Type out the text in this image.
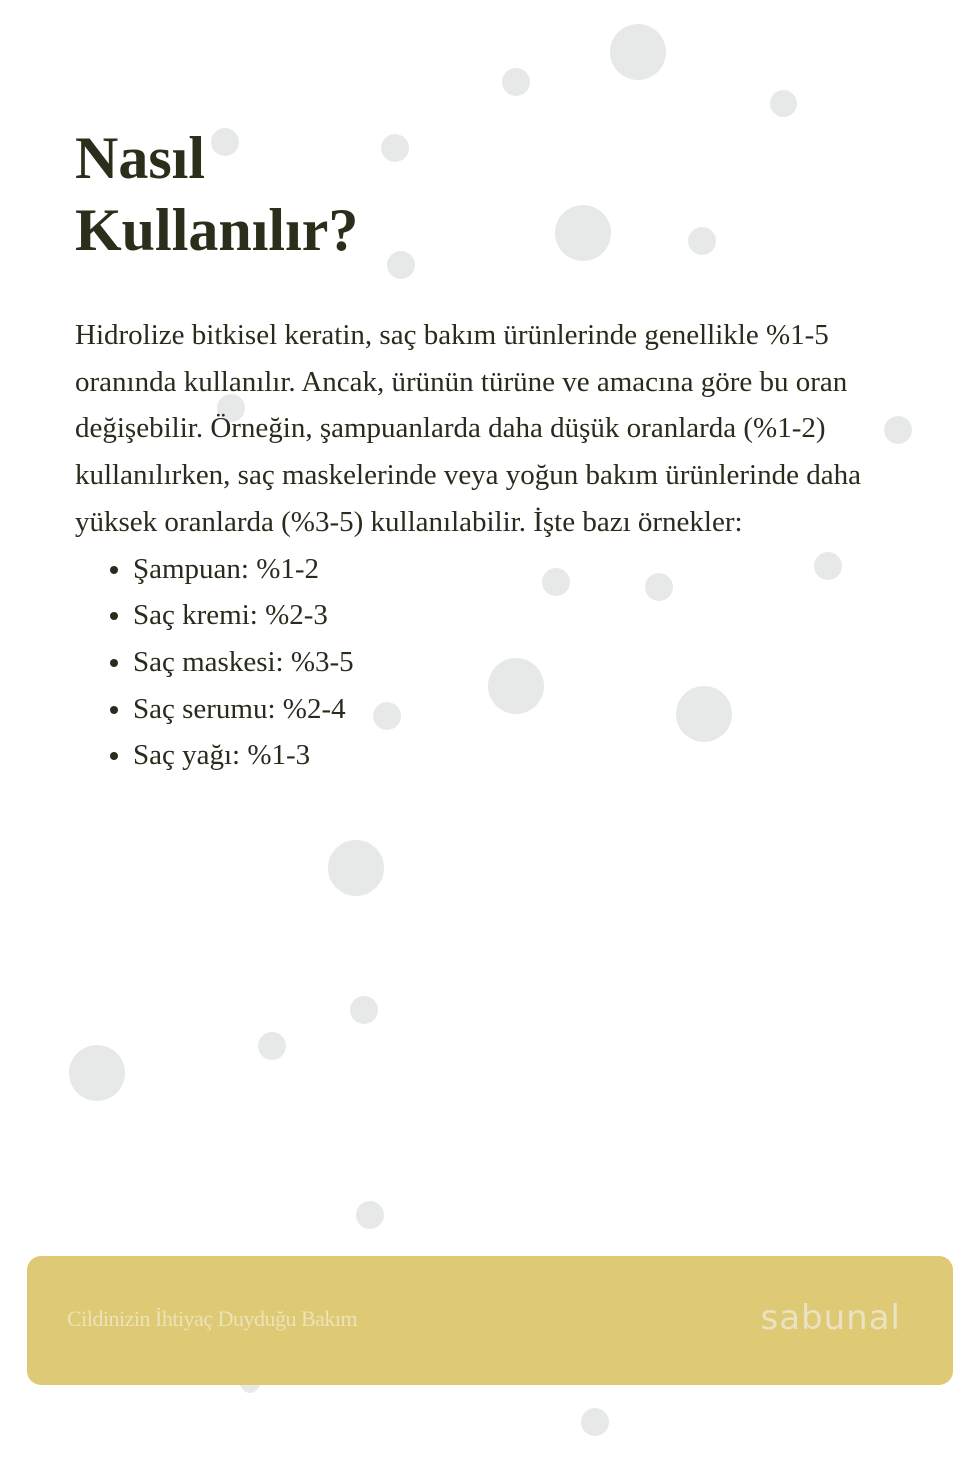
Nasıl
Kullanılır?

Hidrolize bitkisel keratin, saç bakım ürünlerinde genellikle %1-5 oranında kullanılır. Ancak, ürünün türüne ve amacına göre bu oran değişebilir. Örneğin, şampuanlarda daha düşük oranlarda (%1-2) kullanılırken, saç maskelerinde veya yoğun bakım ürünlerinde daha yüksek oranlarda (%3-5) kullanılabilir. İşte bazı örnekler:

• Şampuan: %1-2
• Saç kremi: %2-3
• Saç maskesi: %3-5
• Saç serumu: %2-4
• Saç yağı: %1-3
Cildinizin İhtiyaç Duyduğu Bakım	sabunal
